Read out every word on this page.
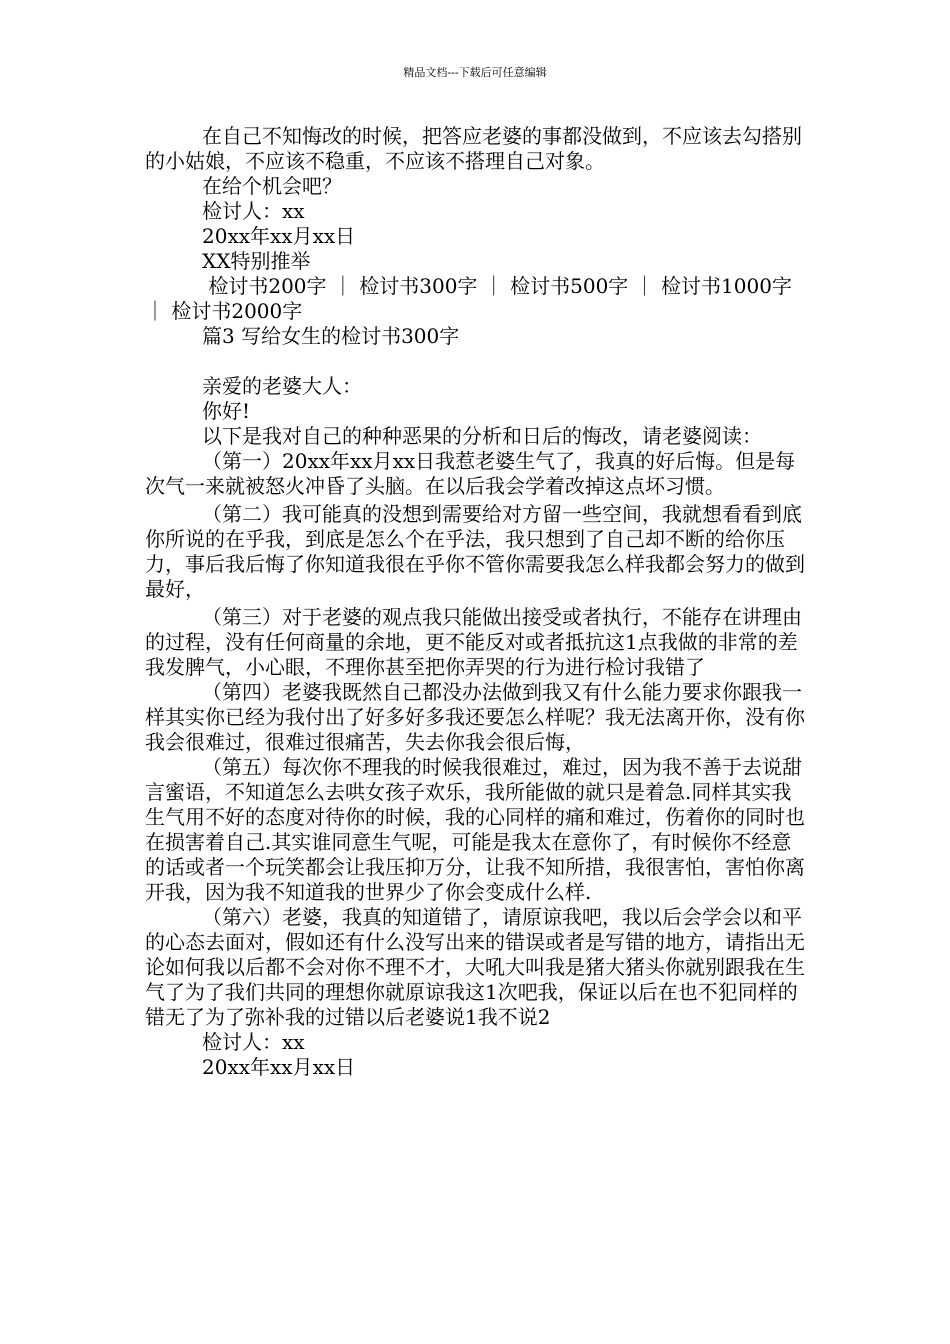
精品文档---下载后可任意编辑

在自己不知悔改的时候，把答应老婆的事都没做到，不应该去勾搭别的小姑娘，不应该不稳重，不应该不搭理自己对象。

在给个机会吧？

检讨人：xx

20xx年xx月xx日

XX特别推举

检讨书200字 ｜ 检讨书300字 ｜ 检讨书500字 ｜ 检讨书1000字 ｜ 检讨书2000字

篇3 写给女生的检讨书300字

亲爱的老婆大人：

你好!

以下是我对自己的种种恶果的分析和日后的悔改，请老婆阅读：

（第一）20xx年xx月xx日我惹老婆生气了，我真的好后悔。但是每次气一来就被怒火冲昏了头脑。在以后我会学着改掉这点坏习惯。

（第二）我可能真的没想到需要给对方留一些空间，我就想看看到底你所说的在乎我，到底是怎么个在乎法，我只想到了自己却不断的给你压力，事后我后悔了你知道我很在乎你不管你需要我怎么样我都会努力的做到最好，

（第三）对于老婆的观点我只能做出接受或者执行，不能存在讲理由的过程，没有任何商量的余地，更不能反对或者抵抗这1点我做的非常的差我发脾气，小心眼，不理你甚至把你弄哭的行为进行检讨我错了

（第四）老婆我既然自己都没办法做到我又有什么能力要求你跟我一样其实你已经为我付出了好多好多我还要怎么样呢？我无法离开你，没有你我会很难过，很难过很痛苦，失去你我会很后悔，

（第五）每次你不理我的时候我很难过，难过，因为我不善于去说甜言蜜语，不知道怎么去哄女孩子欢乐，我所能做的就只是着急.同样其实我生气用不好的态度对待你的时候，我的心同样的痛和难过，伤着你的同时也在损害着自己.其实谁同意生气呢，可能是我太在意你了，有时候你不经意的话或者一个玩笑都会让我压抑万分，让我不知所措，我很害怕，害怕你离开我，因为我不知道我的世界少了你会变成什么样.

（第六）老婆，我真的知道错了，请原谅我吧，我以后会学会以和平的心态去面对，假如还有什么没写出来的错误或者是写错的地方，请指出无论如何我以后都不会对你不理不才，大吼大叫我是猪大猪头你就别跟我在生气了为了我们共同的理想你就原谅我这1次吧我，保证以后在也不犯同样的错无了为了弥补我的过错以后老婆说1我不说2

检讨人：xx

20xx年xx月xx日
